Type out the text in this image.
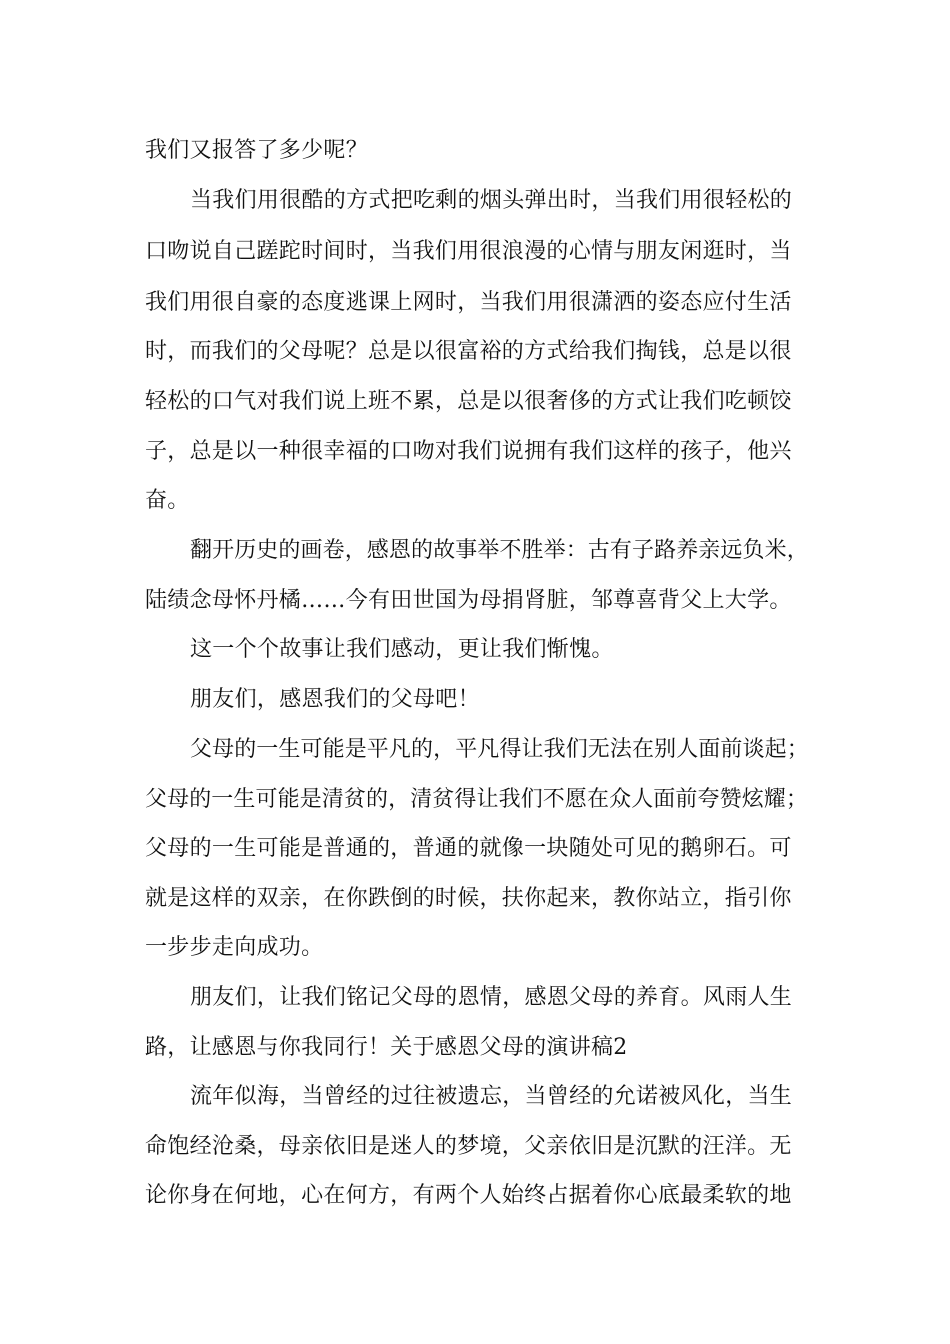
我们又报答了多少呢？

当我们用很酷的方式把吃剩的烟头弹出时，当我们用很轻松的

口吻说自己蹉跎时间时，当我们用很浪漫的心情与朋友闲逛时，当

我们用很自豪的态度逃课上网时，当我们用很潇洒的姿态应付生活

时，而我们的父母呢？总是以很富裕的方式给我们掏钱，总是以很

轻松的口气对我们说上班不累，总是以很奢侈的方式让我们吃顿饺

子，总是以一种很幸福的口吻对我们说拥有我们这样的孩子，他兴

奋。

翻开历史的画卷，感恩的故事举不胜举：古有子路养亲远负米，

陆绩念母怀丹橘……今有田世国为母捐肾脏，邹尊喜背父上大学。

这一个个故事让我们感动，更让我们惭愧。

朋友们，感恩我们的父母吧！

父母的一生可能是平凡的，平凡得让我们无法在别人面前谈起；

父母的一生可能是清贫的，清贫得让我们不愿在众人面前夸赞炫耀；

父母的一生可能是普通的，普通的就像一块随处可见的鹅卵石。可

就是这样的双亲，在你跌倒的时候，扶你起来，教你站立，指引你

一步步走向成功。

朋友们，让我们铭记父母的恩情，感恩父母的养育。风雨人生

路，让感恩与你我同行！关于感恩父母的演讲稿2

流年似海，当曾经的过往被遗忘，当曾经的允诺被风化，当生

命饱经沧桑，母亲依旧是迷人的梦境，父亲依旧是沉默的汪洋。无

论你身在何地，心在何方，有两个人始终占据着你心底最柔软的地
